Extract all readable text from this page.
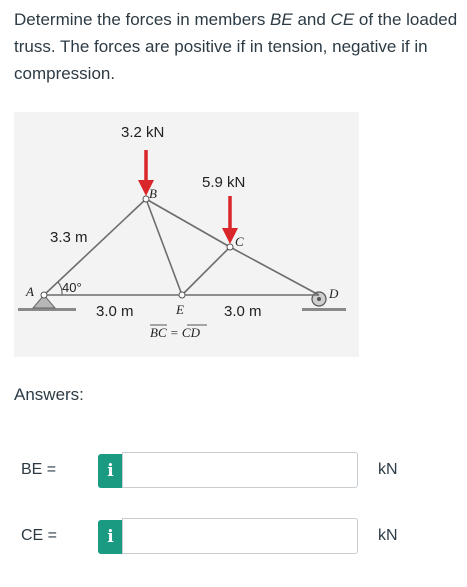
Determine the forces in members BE and CE of the loaded truss. The forces are positive if in tension, negative if in compression.
3.2 kN
5.9 kN
3.3 m
40°
3.0 m	3.0 m
A
B
C
D
E
BC = CD
Answers:
BE =	i	kN
CE =	i	kN
